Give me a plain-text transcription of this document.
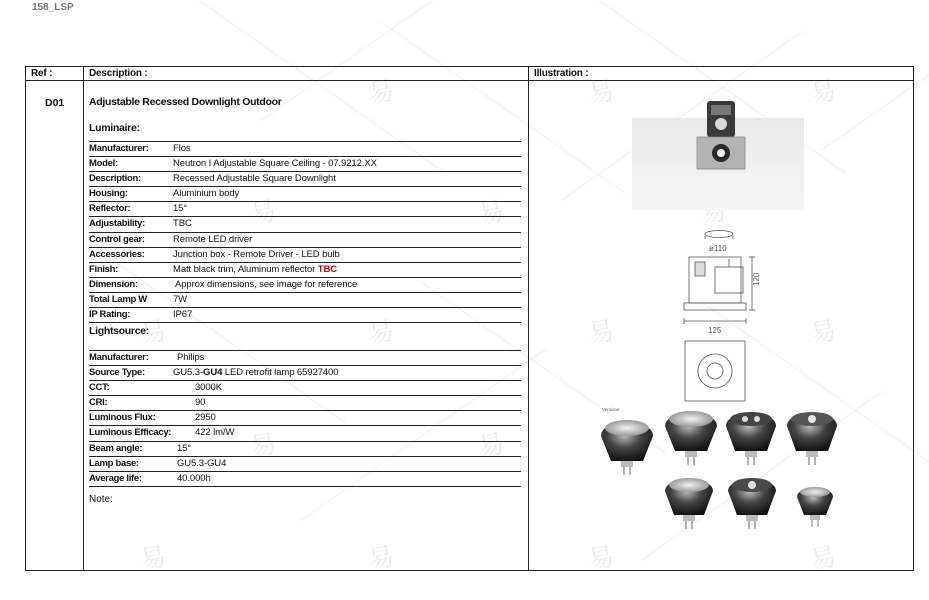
158_LSP
易	易	易
易	易	易
易	易	易	易
易	易
易	易	易	易
Ref :	Description :	Illustration :
D01 Adjustable Recessed Downlight Outdoor
Luminaire:
Manufacturer:	Flos
Model:	Neutron I Adjustable Square Ceiling - 07.9212.XX
Description:	Recessed Adjustable Square Downlight
Housing:	Aluminium body
Reflector:	15°
Adjustability:	TBC
Control gear:	Remote LED driver
Accessories:	Junction box - Remote Driver - LED bulb
Finish:	Matt black trim, Aluminum reflector TBC
Dimension:	Approx dimensions, see image for reference
Total Lamp W	7W
IP Rating:	IP67
Lightsource:
Manufacturer:	Philips
Source Type:	GU5.3-GU4 LED retrofit lamp 65927400
CCT:	3000K
CRI:	90
Luminous Flux:	2950
Luminous Efficacy:	422 lm/W
Beam angle:	15°
Lamp base:	GU5.3-GU4
Average life:	40.000h
Note:
ø110
120
125
Versione
